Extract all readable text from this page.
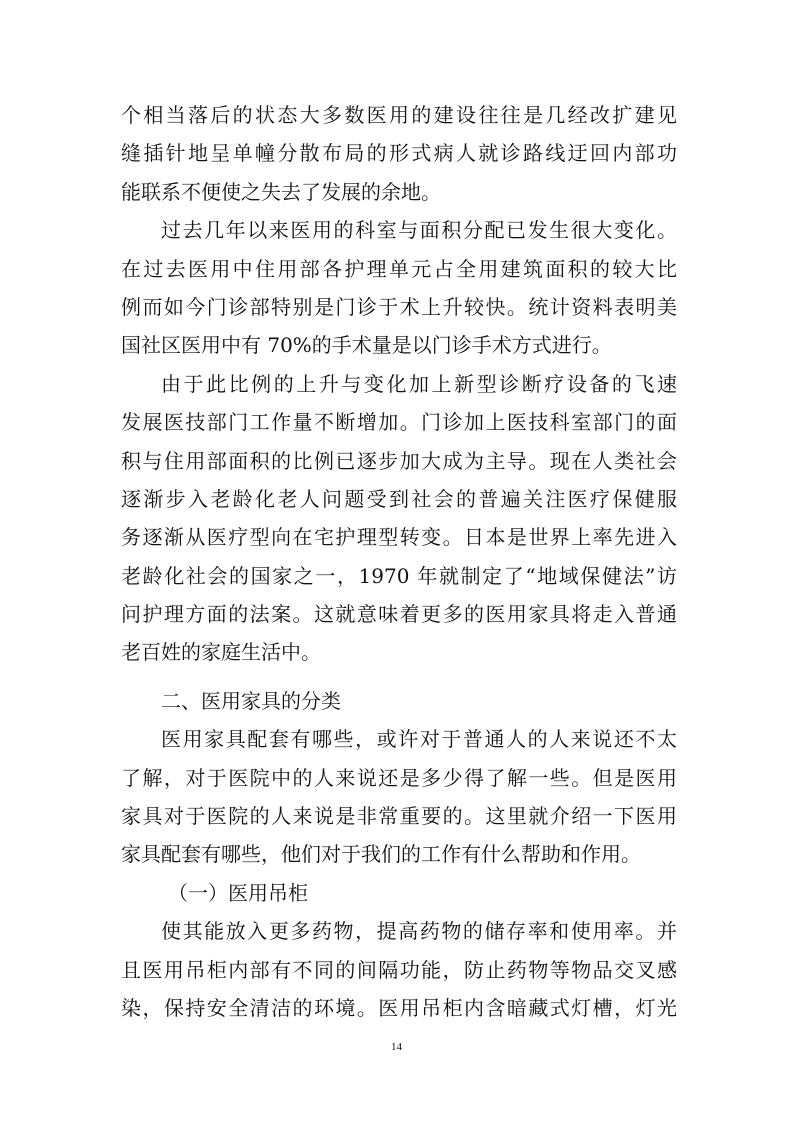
个相当落后的状态大多数医用的建设往往是几经改扩建见
缝插针地呈单幢分散布局的形式病人就诊路线迂回内部功
能联系不便使之失去了发展的余地。
过去几年以来医用的科室与面积分配已发生很大变化。
在过去医用中住用部各护理单元占全用建筑面积的较大比
例而如今门诊部特别是门诊于术上升较快。统计资料表明美
国社区医用中有 70%的手术量是以门诊手术方式进行。
由于此比例的上升与变化加上新型诊断疗设备的飞速
发展医技部门工作量不断增加。门诊加上医技科室部门的面
积与住用部面积的比例已逐步加大成为主导。现在人类社会
逐渐步入老龄化老人问题受到社会的普遍关注医疗保健服
务逐渐从医疗型向在宅护理型转变。日本是世界上率先进入
老龄化社会的国家之一，1970 年就制定了“地域保健法”访
问护理方面的法案。这就意味着更多的医用家具将走入普通
老百姓的家庭生活中。
二、医用家具的分类
医用家具配套有哪些，或许对于普通人的人来说还不太
了解，对于医院中的人来说还是多少得了解一些。但是医用
家具对于医院的人来说是非常重要的。这里就介绍一下医用
家具配套有哪些，他们对于我们的工作有什么帮助和作用。
（一）医用吊柜
使其能放入更多药物，提高药物的储存率和使用率。并
且医用吊柜内部有不同的间隔功能，防止药物等物品交叉感
染，保持安全清洁的环境。医用吊柜内含暗藏式灯槽，灯光
14
